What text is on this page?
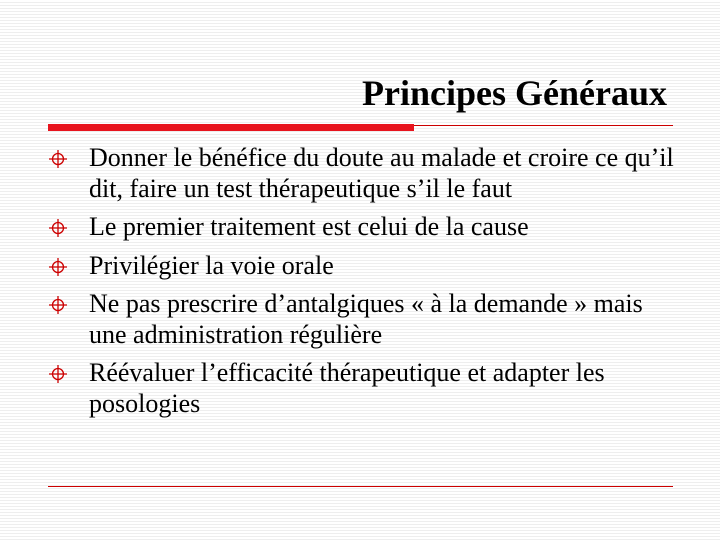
Principes Généraux
Donner le bénéfice du doute au malade et croire ce qu’il dit, faire un test thérapeutique s’il le faut
Le premier traitement est celui de la cause
Privilégier la voie orale
Ne pas prescrire d’antalgiques « à la demande » mais une administration régulière
Réévaluer l’efficacité thérapeutique et adapter les posologies
